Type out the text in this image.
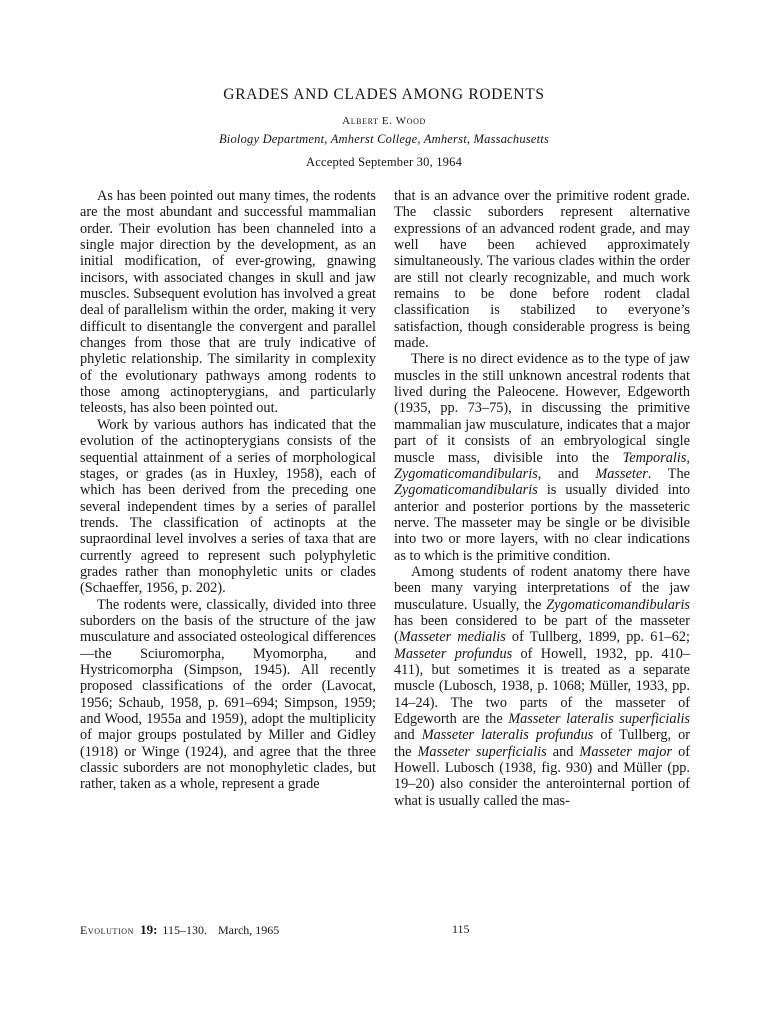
GRADES AND CLADES AMONG RODENTS
Albert E. Wood
Biology Department, Amherst College, Amherst, Massachusetts
Accepted September 30, 1964

As has been pointed out many times, the rodents are the most abundant and successful mammalian order. Their evolution has been channeled into a single major direction by the development, as an initial modification, of ever-growing, gnawing incisors, with associated changes in skull and jaw muscles. Subsequent evolution has involved a great deal of parallelism within the order, making it very difficult to disentangle the convergent and parallel changes from those that are truly indicative of phyletic relationship. The similarity in complexity of the evolutionary pathways among rodents to those among actinopterygians, and particularly teleosts, has also been pointed out.

Work by various authors has indicated that the evolution of the actinopterygians consists of the sequential attainment of a series of morphological stages, or grades (as in Huxley, 1958), each of which has been derived from the preceding one several independent times by a series of parallel trends. The classification of actinopts at the supraordinal level involves a series of taxa that are currently agreed to represent such polyphyletic grades rather than monophyletic units or clades (Schaeffer, 1956, p. 202).

The rodents were, classically, divided into three suborders on the basis of the structure of the jaw musculature and associated osteological differences—the Sciuromorpha, Myomorpha, and Hystricomorpha (Simpson, 1945). All recently proposed classifications of the order (Lavocat, 1956; Schaub, 1958, p. 691–694; Simpson, 1959; and Wood, 1955a and 1959), adopt the multiplicity of major groups postulated by Miller and Gidley (1918) or Winge (1924), and agree that the three classic suborders are not monophyletic clades, but rather, taken as a whole, represent a grade

that is an advance over the primitive rodent grade. The classic suborders represent alternative expressions of an advanced rodent grade, and may well have been achieved approximately simultaneously. The various clades within the order are still not clearly recognizable, and much work remains to be done before rodent cladal classification is stabilized to everyone’s satisfaction, though considerable progress is being made.

There is no direct evidence as to the type of jaw muscles in the still unknown ancestral rodents that lived during the Paleocene. However, Edgeworth (1935, pp. 73–75), in discussing the primitive mammalian jaw musculature, indicates that a major part of it consists of an embryological single muscle mass, divisible into the Temporalis, Zygomaticomandibularis, and Masseter. The Zygomaticomandibularis is usually divided into anterior and posterior portions by the masseteric nerve. The masseter may be single or be divisible into two or more layers, with no clear indications as to which is the primitive condition.

Among students of rodent anatomy there have been many varying interpretations of the jaw musculature. Usually, the Zygomaticomandibularis has been considered to be part of the masseter (Masseter medialis of Tullberg, 1899, pp. 61–62; Masseter profundus of Howell, 1932, pp. 410–411), but sometimes it is treated as a separate muscle (Lubosch, 1938, p. 1068; Müller, 1933, pp. 14–24). The two parts of the masseter of Edgeworth are the Masseter lateralis superficialis and Masseter lateralis profundus of Tullberg, or the Masseter superficialis and Masseter major of Howell. Lubosch (1938, fig. 930) and Müller (pp. 19–20) also consider the anterointernal portion of what is usually called the mas-

Evolution 19: 115–130. March, 1965	115
